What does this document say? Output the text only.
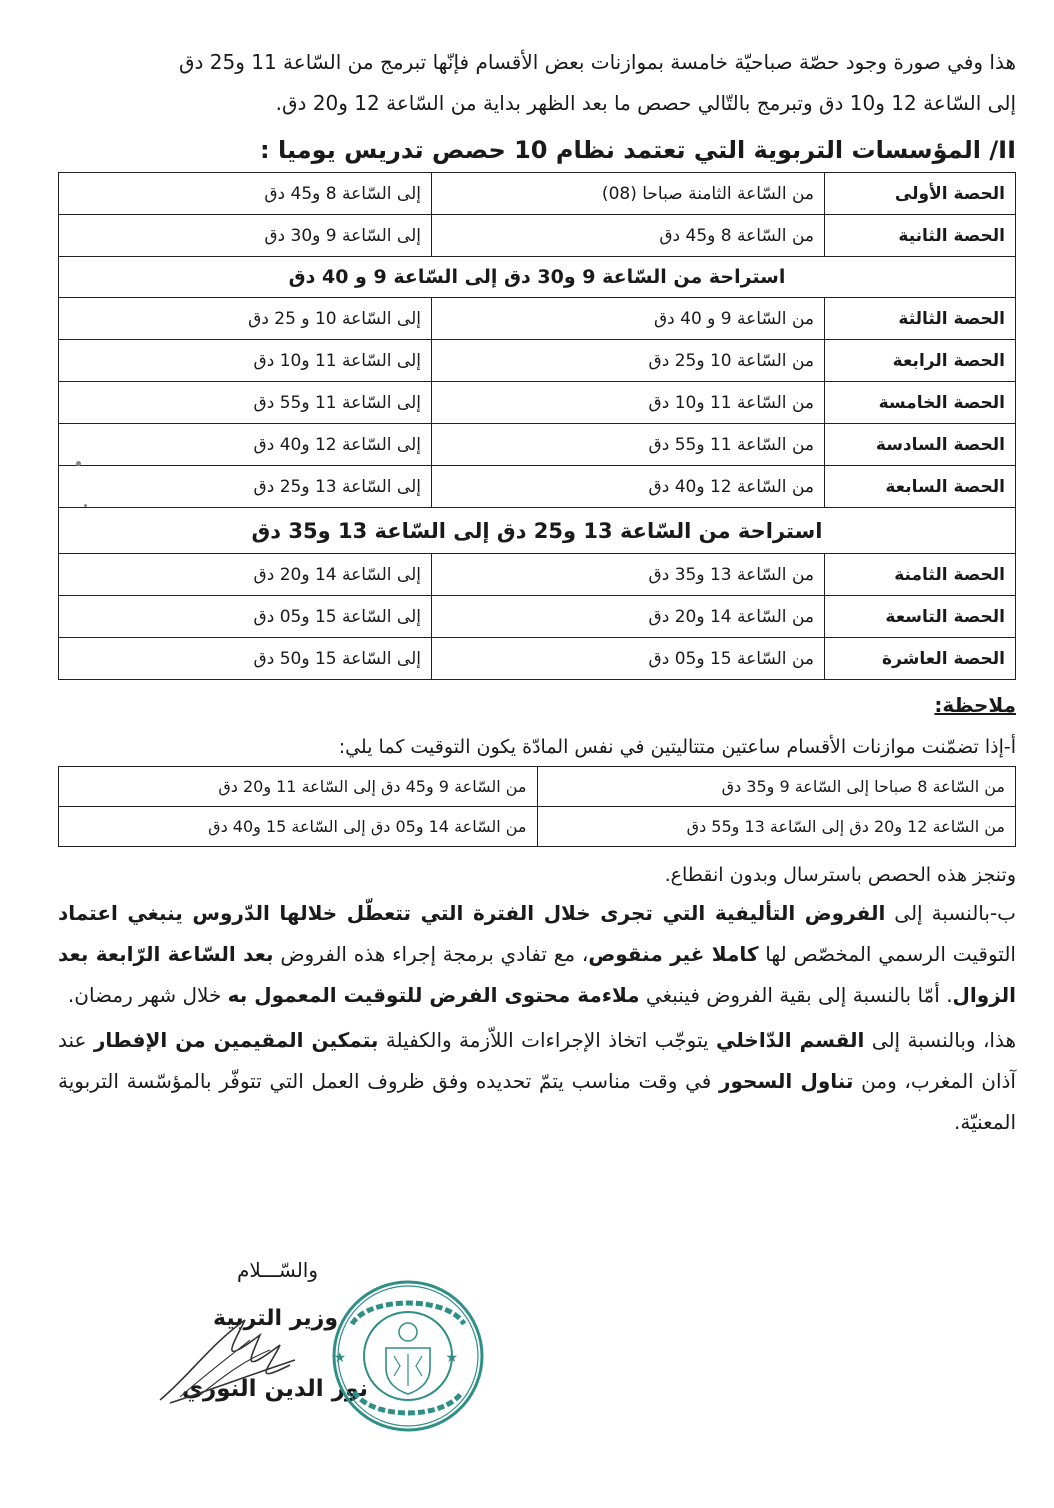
هذا وفي صورة وجود حصّة صباحيّة خامسة بموازنات بعض الأقسام فإنّها تبرمج من السّاعة 11 و25 دق
إلى السّاعة 12 و10 دق وتبرمج بالتّالي حصص ما بعد الظهر بداية من السّاعة 12 و20 دق.

II/ المؤسسات التربوية التي تعتمد نظام 10 حصص تدريس يوميا :

الحصة الأولى	من السّاعة الثامنة صباحا (08)	إلى السّاعة 8 و45 دق
الحصة الثانية	من السّاعة 8 و45 دق	إلى السّاعة 9 و30 دق
استراحة من السّاعة 9 و30 دق إلى السّاعة 9 و 40 دق		
الحصة الثالثة	من السّاعة 9 و 40 دق	إلى السّاعة 10 و 25 دق
الحصة الرابعة	من السّاعة 10 و25 دق	إلى السّاعة 11 و10 دق
الحصة الخامسة	من السّاعة 11 و10 دق	إلى السّاعة 11 و55 دق
الحصة السادسة	من السّاعة 11 و55 دق	إلى السّاعة 12 و40 دق
الحصة السابعة	من السّاعة 12 و40 دق	إلى السّاعة 13 و25 دق
استراحة من السّاعة 13 و25 دق إلى السّاعة 13 و35 دق		
الحصة الثامنة	من السّاعة 13 و35 دق	إلى السّاعة 14 و20 دق
الحصة التاسعة	من السّاعة 14 و20 دق	إلى السّاعة 15 و05 دق
الحصة العاشرة	من السّاعة 15 و05 دق	إلى السّاعة 15 و50 دق

ملاحظة:

أ-إذا تضمّنت موازنات الأقسام ساعتين متتاليتين في نفس المادّة يكون التوقيت كما يلي:

من السّاعة 8 صباحا إلى السّاعة 9 و35 دق	من السّاعة 9 و45 دق إلى السّاعة 11 و20 دق
من السّاعة 12 و20 دق إلى السّاعة 13 و55 دق	من السّاعة 14 و05 دق إلى السّاعة 15 و40 دق

وتنجز هذه الحصص باسترسال وبدون انقطاع.

ب-بالنسبة إلى الفروض التأليفية التي تجرى خلال الفترة التي تتعطّل خلالها الدّروس ينبغي اعتماد التوقيت الرسمي المخصّص لها كاملا غير منقوص، مع تفادي برمجة إجراء هذه الفروض بعد السّاعة الرّابعة بعد الزوال. أمّا بالنسبة إلى بقية الفروض فينبغي ملاءمة محتوى الفرض للتوقيت المعمول به خلال شهر رمضان.

هذا، وبالنسبة إلى القسم الدّاخلي يتوجّب اتخاذ الإجراءات اللاّزمة والكفيلة بتمكين المقيمين من الإفطار عند آذان المغرب، ومن تناول السحور في وقت مناسب يتمّ تحديده وفق ظروف العمل التي تتوفّر بالمؤسّسة التربوية المعنيّة.

والسّـــلام
وزير التربية
نور الدين النوري
★	★
